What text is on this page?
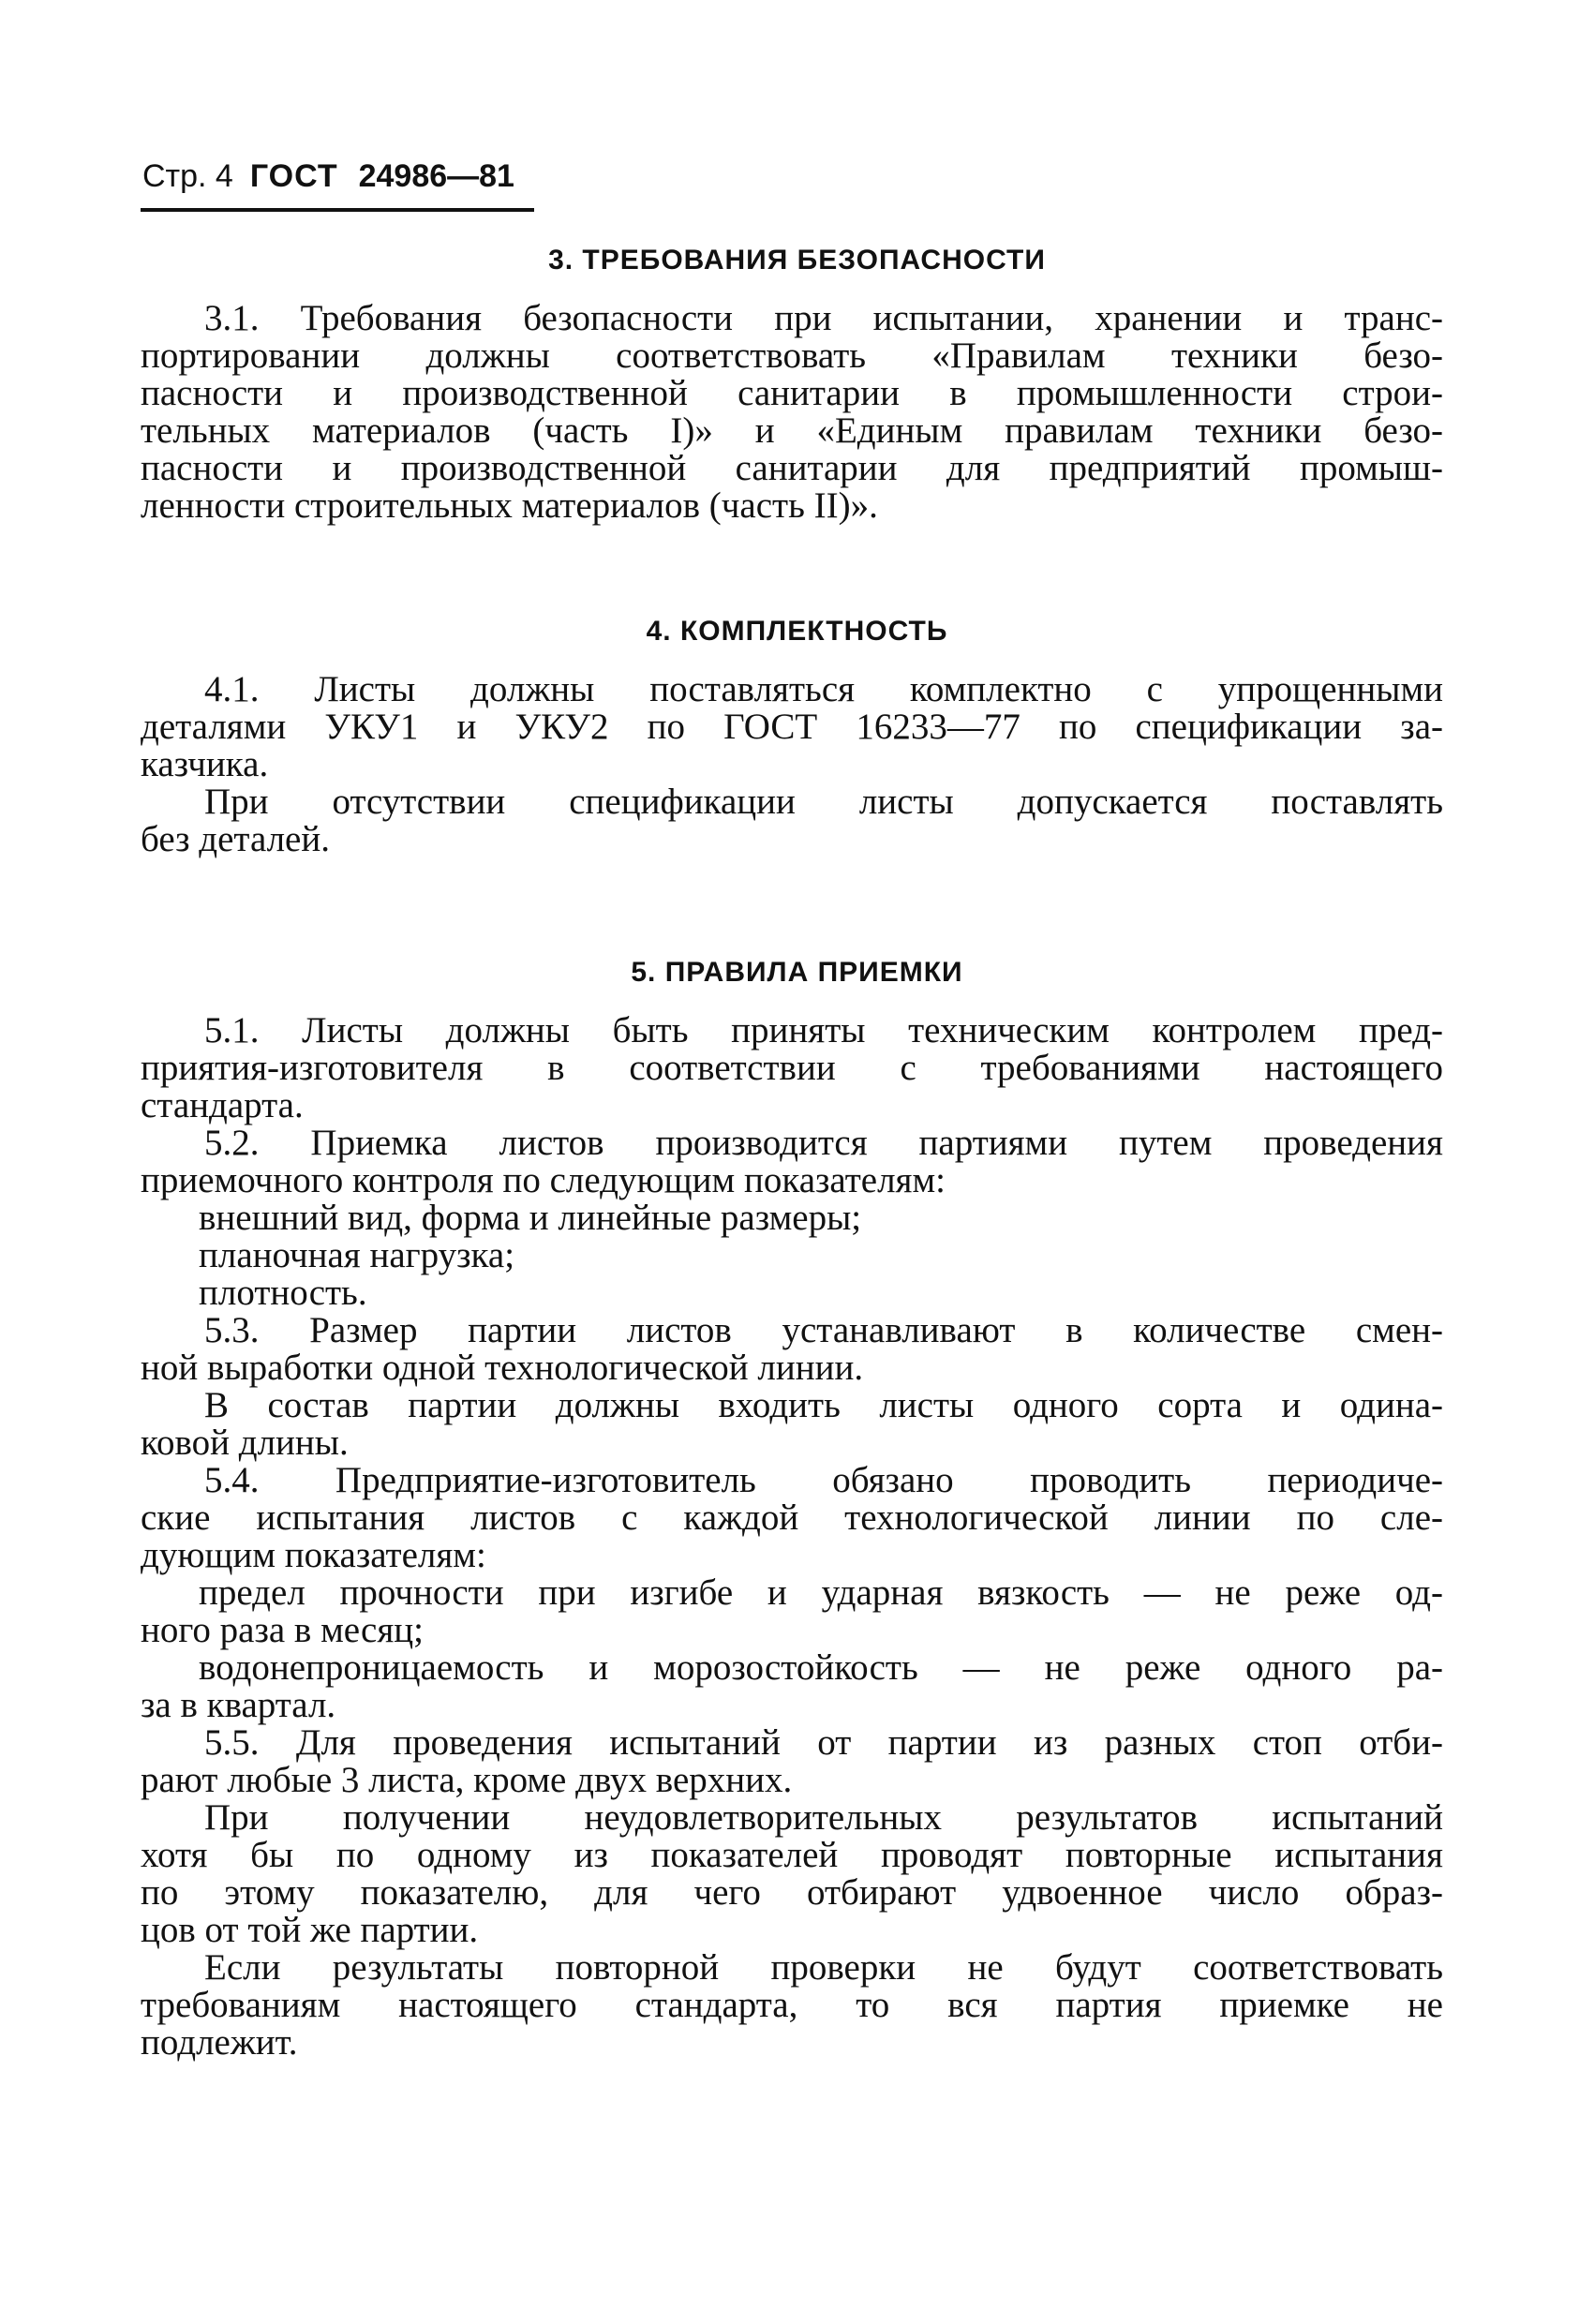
Стр. 4 ГОСТ 24986—81
3. ТРЕБОВАНИЯ БЕЗОПАСНОСТИ
3.1. Требования безопасности при испытании, хранении и транс-
портировании должны соответствовать «Правилам техники безо-
пасности и производственной санитарии в промышленности строи-
тельных материалов (часть I)» и «Единым правилам техники безо-
пасности и производственной санитарии для предприятий промыш-
ленности строительных материалов (часть II)».
4. КОМПЛЕКТНОСТЬ
4.1. Листы должны поставляться комплектно с упрощенными
деталями УКУ1 и УКУ2 по ГОСТ 16233—77 по спецификации за-
казчика.
При отсутствии спецификации листы допускается поставлять
без деталей.
5. ПРАВИЛА ПРИЕМКИ
5.1. Листы должны быть приняты техническим контролем пред-
приятия-изготовителя в соответствии с требованиями настоящего
стандарта.
5.2. Приемка листов производится партиями путем проведения
приемочного контроля по следующим показателям:
внешний вид, форма и линейные размеры;
планочная нагрузка;
плотность.
5.3. Размер партии листов устанавливают в количестве смен-
ной выработки одной технологической линии.
В состав партии должны входить листы одного сорта и одина-
ковой длины.
5.4. Предприятие-изготовитель обязано проводить периодиче-
ские испытания листов с каждой технологической линии по сле-
дующим показателям:
предел прочности при изгибе и ударная вязкость — не реже од-
ного раза в месяц;
водонепроницаемость и морозостойкость — не реже одного ра-
за в квартал.
5.5. Для проведения испытаний от партии из разных стоп отби-
рают любые 3 листа, кроме двух верхних.
При получении неудовлетворительных результатов испытаний
хотя бы по одному из показателей проводят повторные испытания
по этому показателю, для чего отбирают удвоенное число образ-
цов от той же партии.
Если результаты повторной проверки не будут соответствовать
требованиям настоящего стандарта, то вся партия приемке не
подлежит.
